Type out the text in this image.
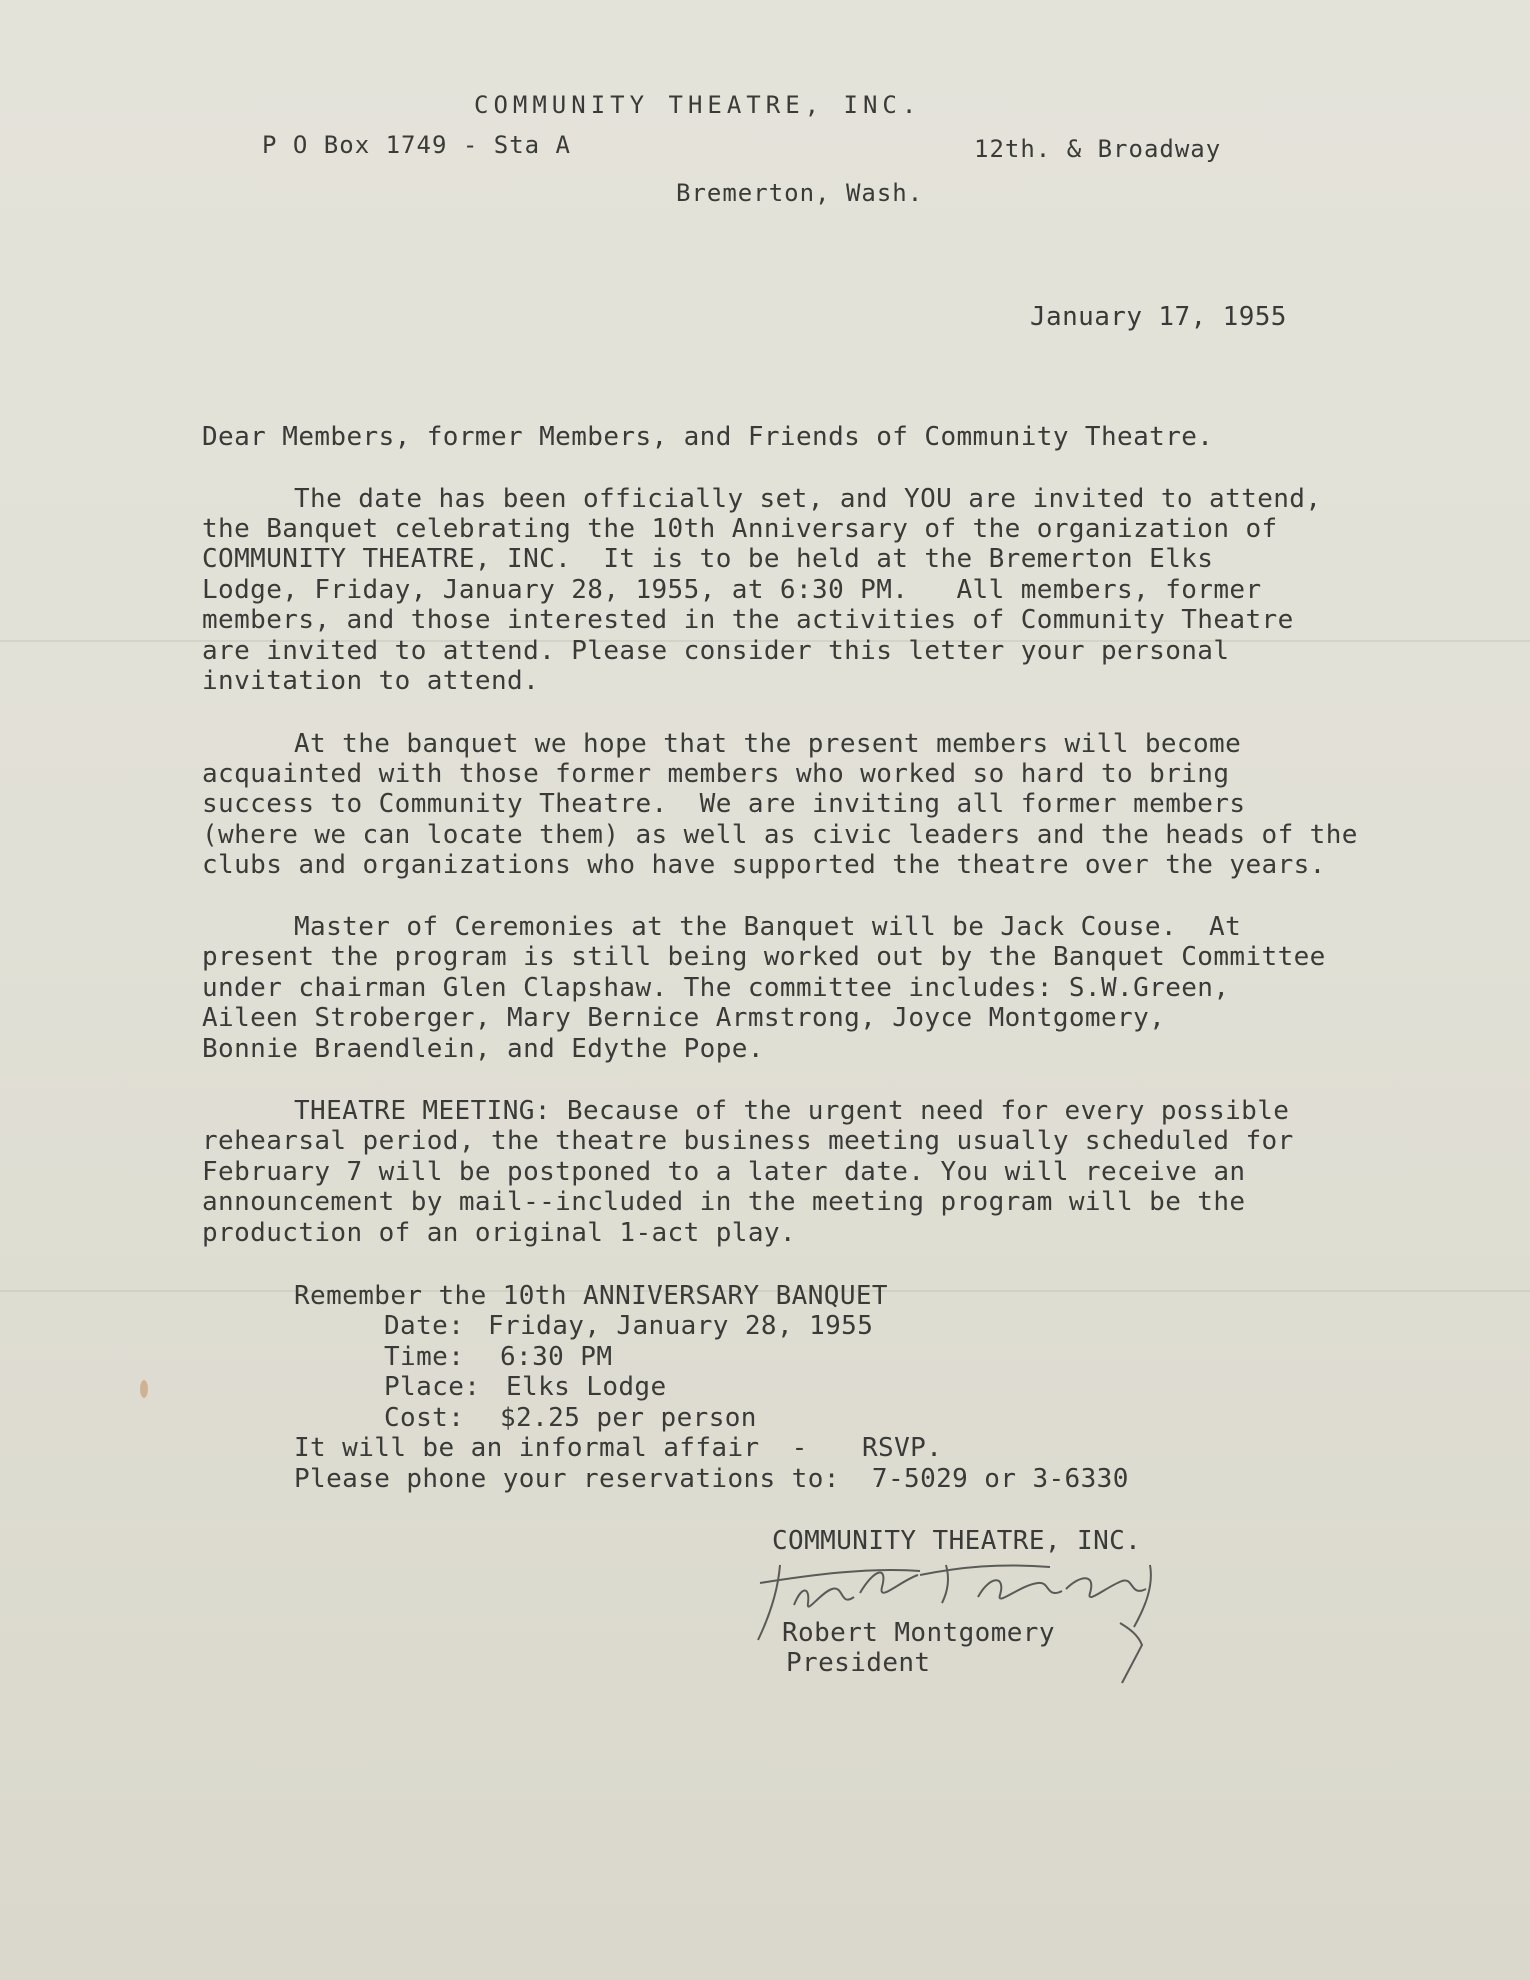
COMMUNITY THEATRE, INC.

P O Box 1749 - Sta A	12th. & Broadway

Bremerton, Wash.

January 17, 1955

Dear Members, former Members, and Friends of Community Theatre.

The date has been officially set, and YOU are invited to attend,

the Banquet celebrating the 10th Anniversary of the organization of

COMMUNITY THEATRE, INC.  It is to be held at the Bremerton Elks

Lodge, Friday, January 28, 1955, at 6:30 PM.   All members, former

members, and those interested in the activities of Community Theatre

are invited to attend. Please consider this letter your personal

invitation to attend.

At the banquet we hope that the present members will become

acquainted with those former members who worked so hard to bring

success to Community Theatre.  We are inviting all former members

(where we can locate them) as well as civic leaders and the heads of the

clubs and organizations who have supported the theatre over the years.

Master of Ceremonies at the Banquet will be Jack Couse.  At

present the program is still being worked out by the Banquet Committee

under chairman Glen Clapshaw. The committee includes: S.W.Green,

Aileen Stroberger, Mary Bernice Armstrong, Joyce Montgomery,

Bonnie Braendlein, and Edythe Pope.

THEATRE MEETING: Because of the urgent need for every possible

rehearsal period, the theatre business meeting usually scheduled for

February 7 will be postponed to a later date. You will receive an

announcement by mail--included in the meeting program will be the

production of an original 1-act play.

Remember the 10th ANNIVERSARY BANQUET

Date: Friday, January 28, 1955

Time: 6:30 PM

Place: Elks Lodge

Cost: $2.25 per person

It will be an informal affair  - RSVP.

Please phone your reservations to:  7-5029 or 3-6330

COMMUNITY THEATRE, INC.

Robert Montgomery

President
